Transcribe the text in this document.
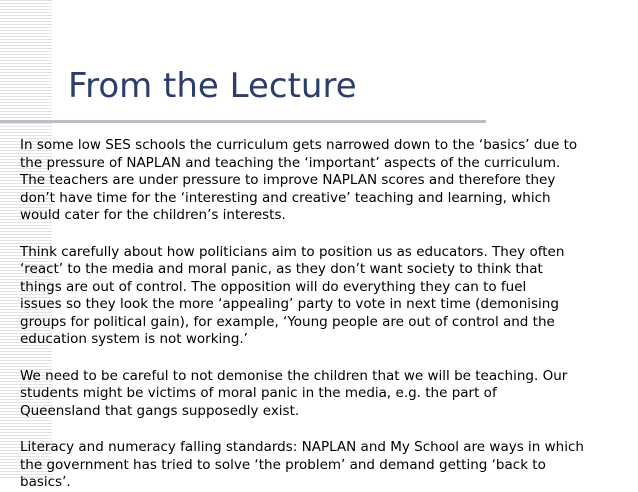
From the Lecture

In some low SES schools the curriculum gets narrowed down to the ‘basics’ due to
the pressure of NAPLAN and teaching the ‘important’ aspects of the curriculum.
The teachers are under pressure to improve NAPLAN scores and therefore they
don’t have time for the ‘interesting and creative’ teaching and learning, which
would cater for the children’s interests.

Think carefully about how politicians aim to position us as educators. They often
‘react’ to the media and moral panic, as they don’t want society to think that
things are out of control. The opposition will do everything they can to fuel
issues so they look the more ‘appealing’ party to vote in next time (demonising
groups for political gain), for example, ‘Young people are out of control and the
education system is not working.’

We need to be careful to not demonise the children that we will be teaching. Our
students might be victims of moral panic in the media, e.g. the part of
Queensland that gangs supposedly exist.

Literacy and numeracy falling standards: NAPLAN and My School are ways in which
the government has tried to solve ‘the problem’ and demand getting ‘back to
basics’.
